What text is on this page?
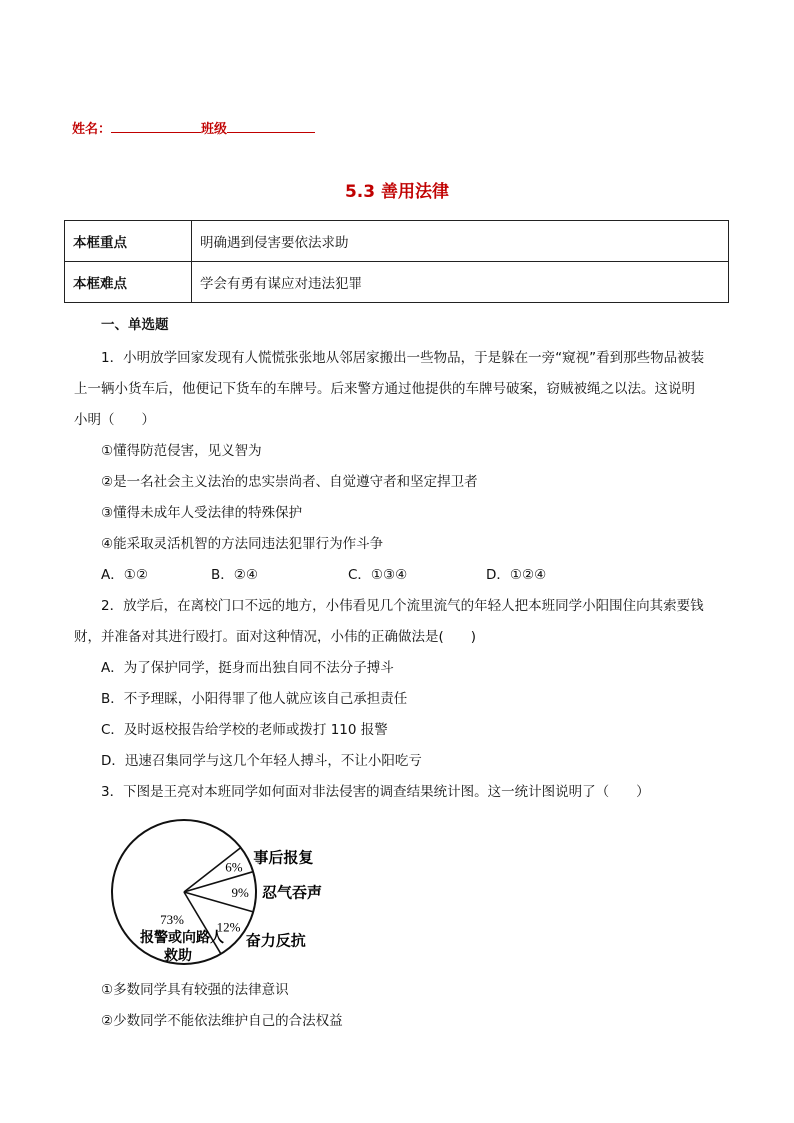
姓名：	班级
5.3 善用法律
本框重点	明确遇到侵害要依法求助
本框难点	学会有勇有谋应对违法犯罪
一、单选题
1．小明放学回家发现有人慌慌张张地从邻居家搬出一些物品，于是躲在一旁“窥视”看到那些物品被装
上一辆小货车后，他便记下货车的车牌号。后来警方通过他提供的车牌号破案，窃贼被绳之以法。这说明
小明（　　）
①懂得防范侵害，见义智为
②是一名社会主义法治的忠实崇尚者、自觉遵守者和坚定捍卫者
③懂得未成年人受法律的特殊保护
④能采取灵活机智的方法同违法犯罪行为作斗争
A．①②	B．②④	C．①③④	D．①②④
2．放学后，在离校门口不远的地方，小伟看见几个流里流气的年轻人把本班同学小阳围住向其索要钱
财，并准备对其进行殴打。面对这种情况，小伟的正确做法是(　　)
A．为了保护同学，挺身而出独自同不法分子搏斗
B．不予理睬，小阳得罪了他人就应该自己承担责任
C．及时返校报告给学校的老师或拨打 110 报警
D．迅速召集同学与这几个年轻人搏斗，不让小阳吃亏
3．下图是王亮对本班同学如何面对非法侵害的调查结果统计图。这一统计图说明了（　　）
6%
事后报复
9% 忍气吞声
12%
奋力反抗
73%
报警或向路人
救助
①多数同学具有较强的法律意识
②少数同学不能依法维护自己的合法权益
